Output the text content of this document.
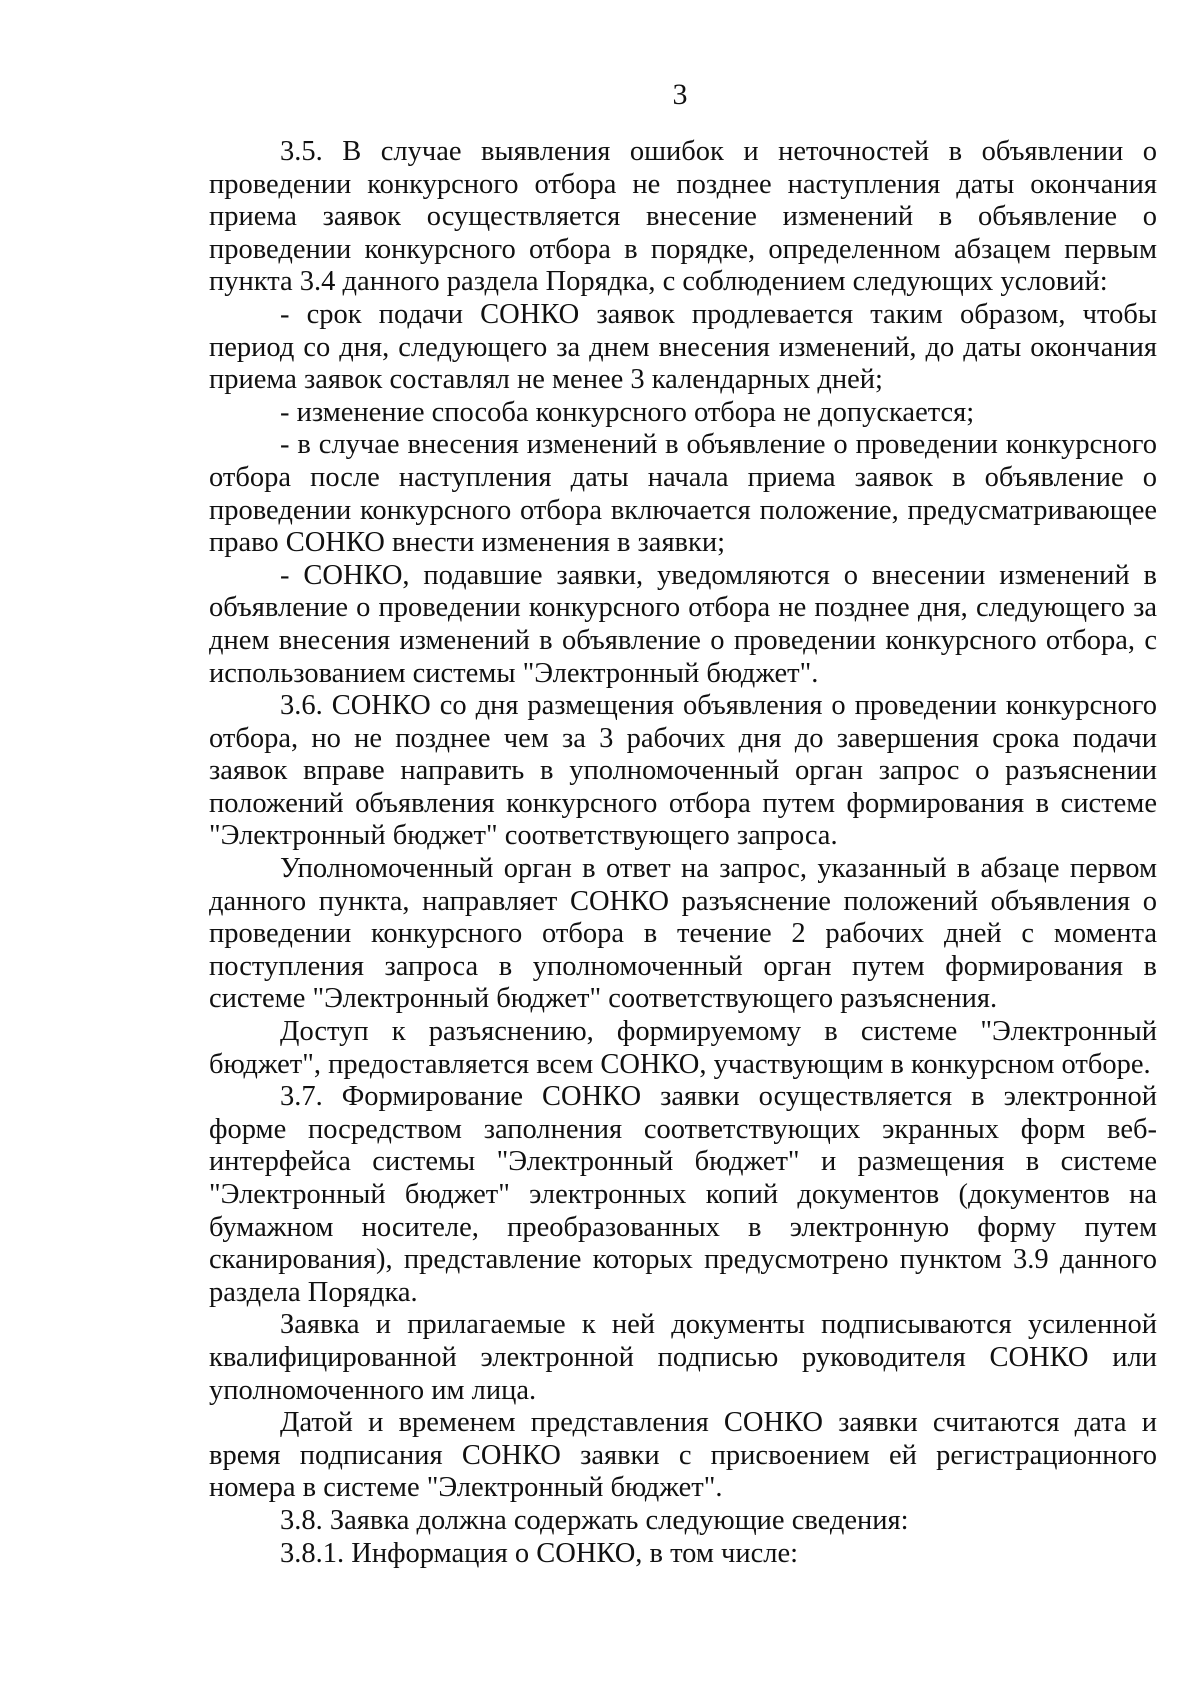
3

3.5. В случае выявления ошибок и неточностей в объявлении о проведении конкурсного отбора не позднее наступления даты окончания приема заявок осуществляется внесение изменений в объявление о проведении конкурсного отбора в порядке, определенном абзацем первым пункта 3.4 данного раздела Порядка, с соблюдением следующих условий:

- срок подачи СОНКО заявок продлевается таким образом, чтобы период со дня, следующего за днем внесения изменений, до даты окончания приема заявок составлял не менее 3 календарных дней;

- изменение способа конкурсного отбора не допускается;

- в случае внесения изменений в объявление о проведении конкурсного отбора после наступления даты начала приема заявок в объявление о проведении конкурсного отбора включается положение, предусматривающее право СОНКО внести изменения в заявки;

- СОНКО, подавшие заявки, уведомляются о внесении изменений в объявление о проведении конкурсного отбора не позднее дня, следующего за днем внесения изменений в объявление о проведении конкурсного отбора, с использованием системы "Электронный бюджет".

3.6. СОНКО со дня размещения объявления о проведении конкурсного отбора, но не позднее чем за 3 рабочих дня до завершения срока подачи заявок вправе направить в уполномоченный орган запрос о разъяснении положений объявления конкурсного отбора путем формирования в системе "Электронный бюджет" соответствующего запроса.

Уполномоченный орган в ответ на запрос, указанный в абзаце первом данного пункта, направляет СОНКО разъяснение положений объявления о проведении конкурсного отбора в течение 2 рабочих дней с момента поступления запроса в уполномоченный орган путем формирования в системе "Электронный бюджет" соответствующего разъяснения.

Доступ к разъяснению, формируемому в системе "Электронный бюджет", предоставляется всем СОНКО, участвующим в конкурсном отборе.

3.7. Формирование СОНКО заявки осуществляется в электронной форме посредством заполнения соответствующих экранных форм веб-интерфейса системы "Электронный бюджет" и размещения в системе "Электронный бюджет" электронных копий документов (документов на бумажном носителе, преобразованных в электронную форму путем сканирования), представление которых предусмотрено пунктом 3.9 данного раздела Порядка.

Заявка и прилагаемые к ней документы подписываются усиленной квалифицированной электронной подписью руководителя СОНКО или уполномоченного им лица.

Датой и временем представления СОНКО заявки считаются дата и время подписания СОНКО заявки с присвоением ей регистрационного номера в системе "Электронный бюджет".

3.8. Заявка должна содержать следующие сведения:

3.8.1. Информация о СОНКО, в том числе:
